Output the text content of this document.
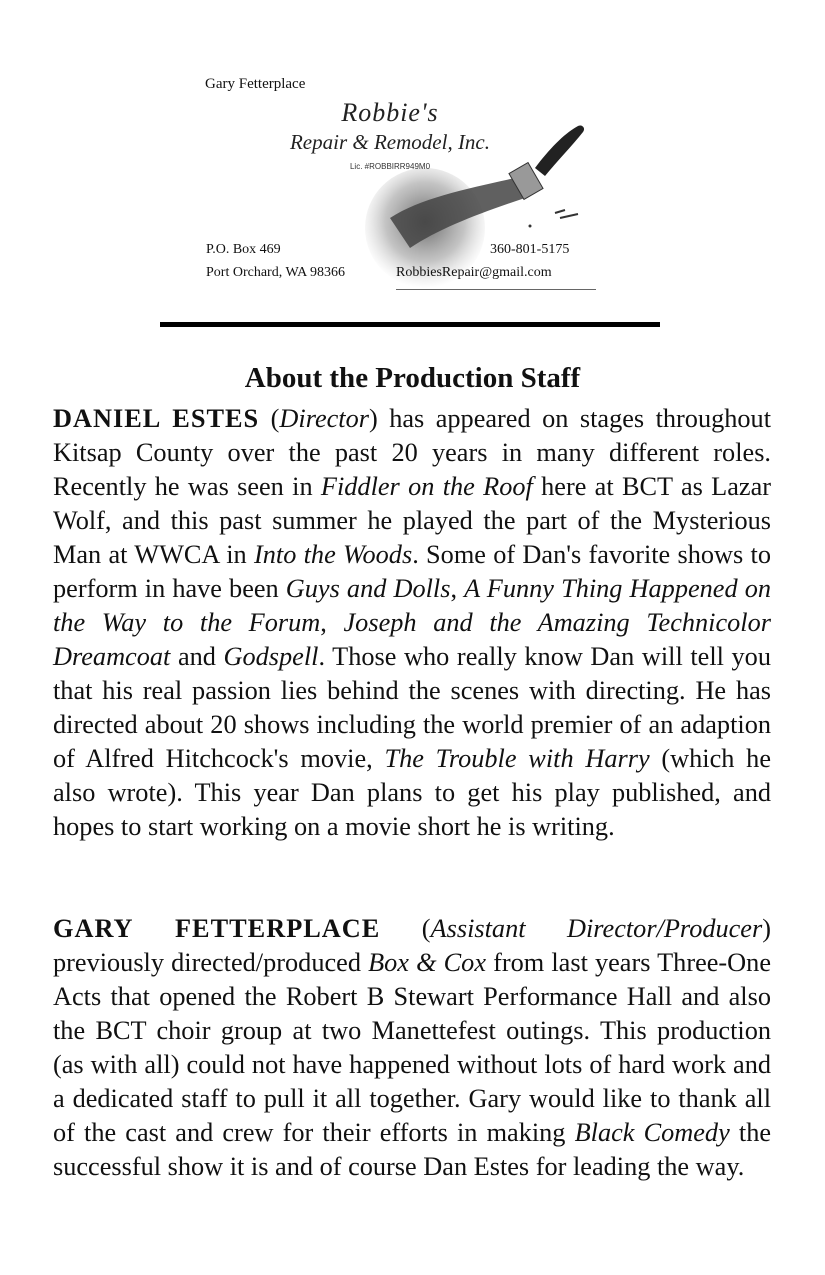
Gary Fetterplace
Robbie's
Repair & Remodel, Inc.
Lic. #ROBBIRR949M0
P.O. Box 469
Port Orchard, WA 98366
360-801-5175
RobbiesRepair@gmail.com
About the Production Staff

DANIEL ESTES (Director) has appeared on stages throughout Kitsap County over the past 20 years in many different roles. Recently he was seen in Fiddler on the Roof here at BCT as Lazar Wolf, and this past summer he played the part of the Mysterious Man at WWCA in Into the Woods. Some of Dan's favorite shows to perform in have been Guys and Dolls, A Funny Thing Happened on the Way to the Forum, Joseph and the Amazing Technicolor Dreamcoat and Godspell. Those who really know Dan will tell you that his real passion lies behind the scenes with directing. He has directed about 20 shows including the world premier of an adaption of Alfred Hitchcock's movie, The Trouble with Harry (which he also wrote). This year Dan plans to get his play published, and hopes to start working on a movie short he is writing.

GARY FETTERPLACE (Assistant Director/Producer) previously directed/produced Box & Cox from last years Three-One Acts that opened the Robert B Stewart Performance Hall and also the BCT choir group at two Manettefest outings. This production (as with all) could not have happened without lots of hard work and a dedicated staff to pull it all together. Gary would like to thank all of the cast and crew for their efforts in making Black Comedy the successful show it is and of course Dan Estes for leading the way.
